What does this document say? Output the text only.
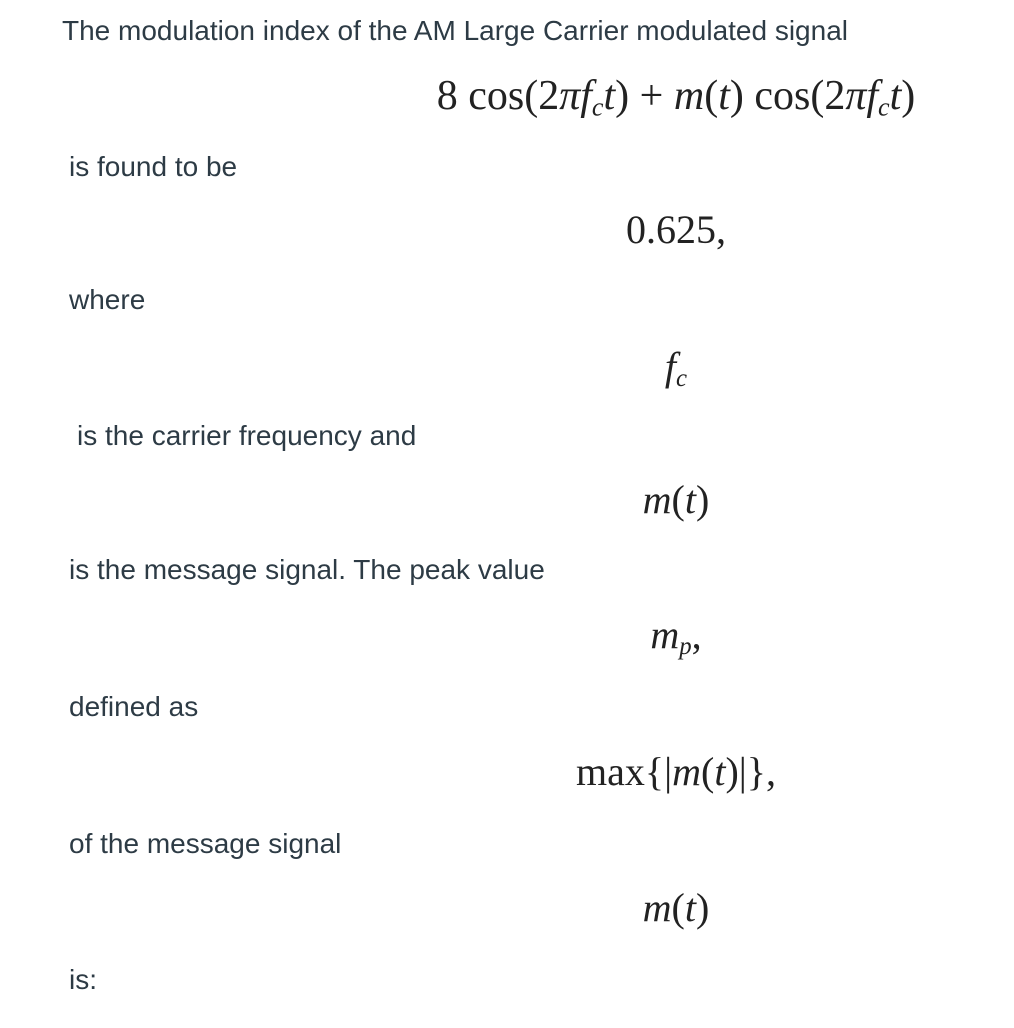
The modulation index of the AM Large Carrier modulated signal
8 $\cos(2\pi f_ct) + m(t)$ $\cos(2\pi f_ct)$
is found to be
0.625,
where
$f_c$
is the carrier frequency and
m(t)
is the message signal. The peak value
$m_p$,
defined as
max{|m(t)|},
of the message signal
m(t)
is:
